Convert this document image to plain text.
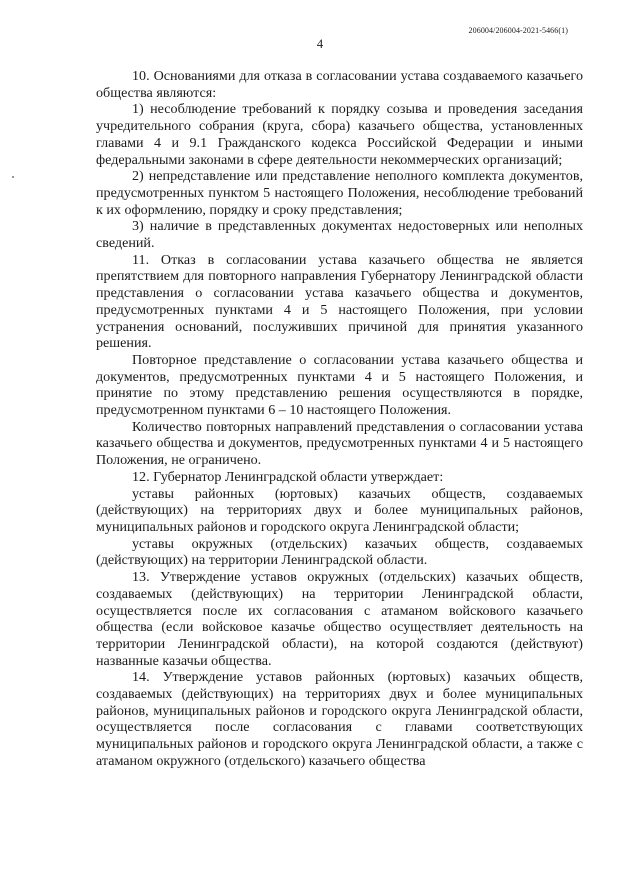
206004/206004-2021-5466(1)
4

10. Основаниями для отказа в согласовании устава создаваемого казачьего общества являются:

1) несоблюдение требований к порядку созыва и проведения заседания учредительного собрания (круга, сбора) казачьего общества, установленных главами 4 и 9.1 Гражданского кодекса Российской Федерации и иными федеральными законами в сфере деятельности некоммерческих организаций;

2) непредставление или представление неполного комплекта документов, предусмотренных пунктом 5 настоящего Положения, несоблюдение требований к их оформлению, порядку и сроку представления;

3) наличие в представленных документах недостоверных или неполных сведений.

11. Отказ в согласовании устава казачьего общества не является препятствием для повторного направления Губернатору Ленинградской области представления о согласовании устава казачьего общества и документов, предусмотренных пунктами 4 и 5 настоящего Положения, при условии устранения оснований, послуживших причиной для принятия указанного решения.

Повторное представление о согласовании устава казачьего общества и документов, предусмотренных пунктами 4 и 5 настоящего Положения, и принятие по этому представлению решения осуществляются в порядке, предусмотренном пунктами 6 – 10 настоящего Положения.

Количество повторных направлений представления о согласовании устава казачьего общества и документов, предусмотренных пунктами 4 и 5 настоящего Положения, не ограничено.

12. Губернатор Ленинградской области утверждает:

уставы районных (юртовых) казачьих обществ, создаваемых (действующих) на территориях двух и более муниципальных районов, муниципальных районов и городского округа Ленинградской области;

уставы окружных (отдельских) казачьих обществ, создаваемых (действующих) на территории Ленинградской области.

13. Утверждение уставов окружных (отдельских) казачьих обществ, создаваемых (действующих) на территории Ленинградской области, осуществляется после их согласования с атаманом войскового казачьего общества (если войсковое казачье общество осуществляет деятельность на территории Ленинградской области), на которой создаются (действуют) названные казачьи общества.

14. Утверждение уставов районных (юртовых) казачьих обществ, создаваемых (действующих) на территориях двух и более муниципальных районов, муниципальных районов и городского округа Ленинградской области, осуществляется после согласования с главами соответствующих муниципальных районов и городского округа Ленинградской области, а также с атаманом окружного (отдельского) казачьего общества
